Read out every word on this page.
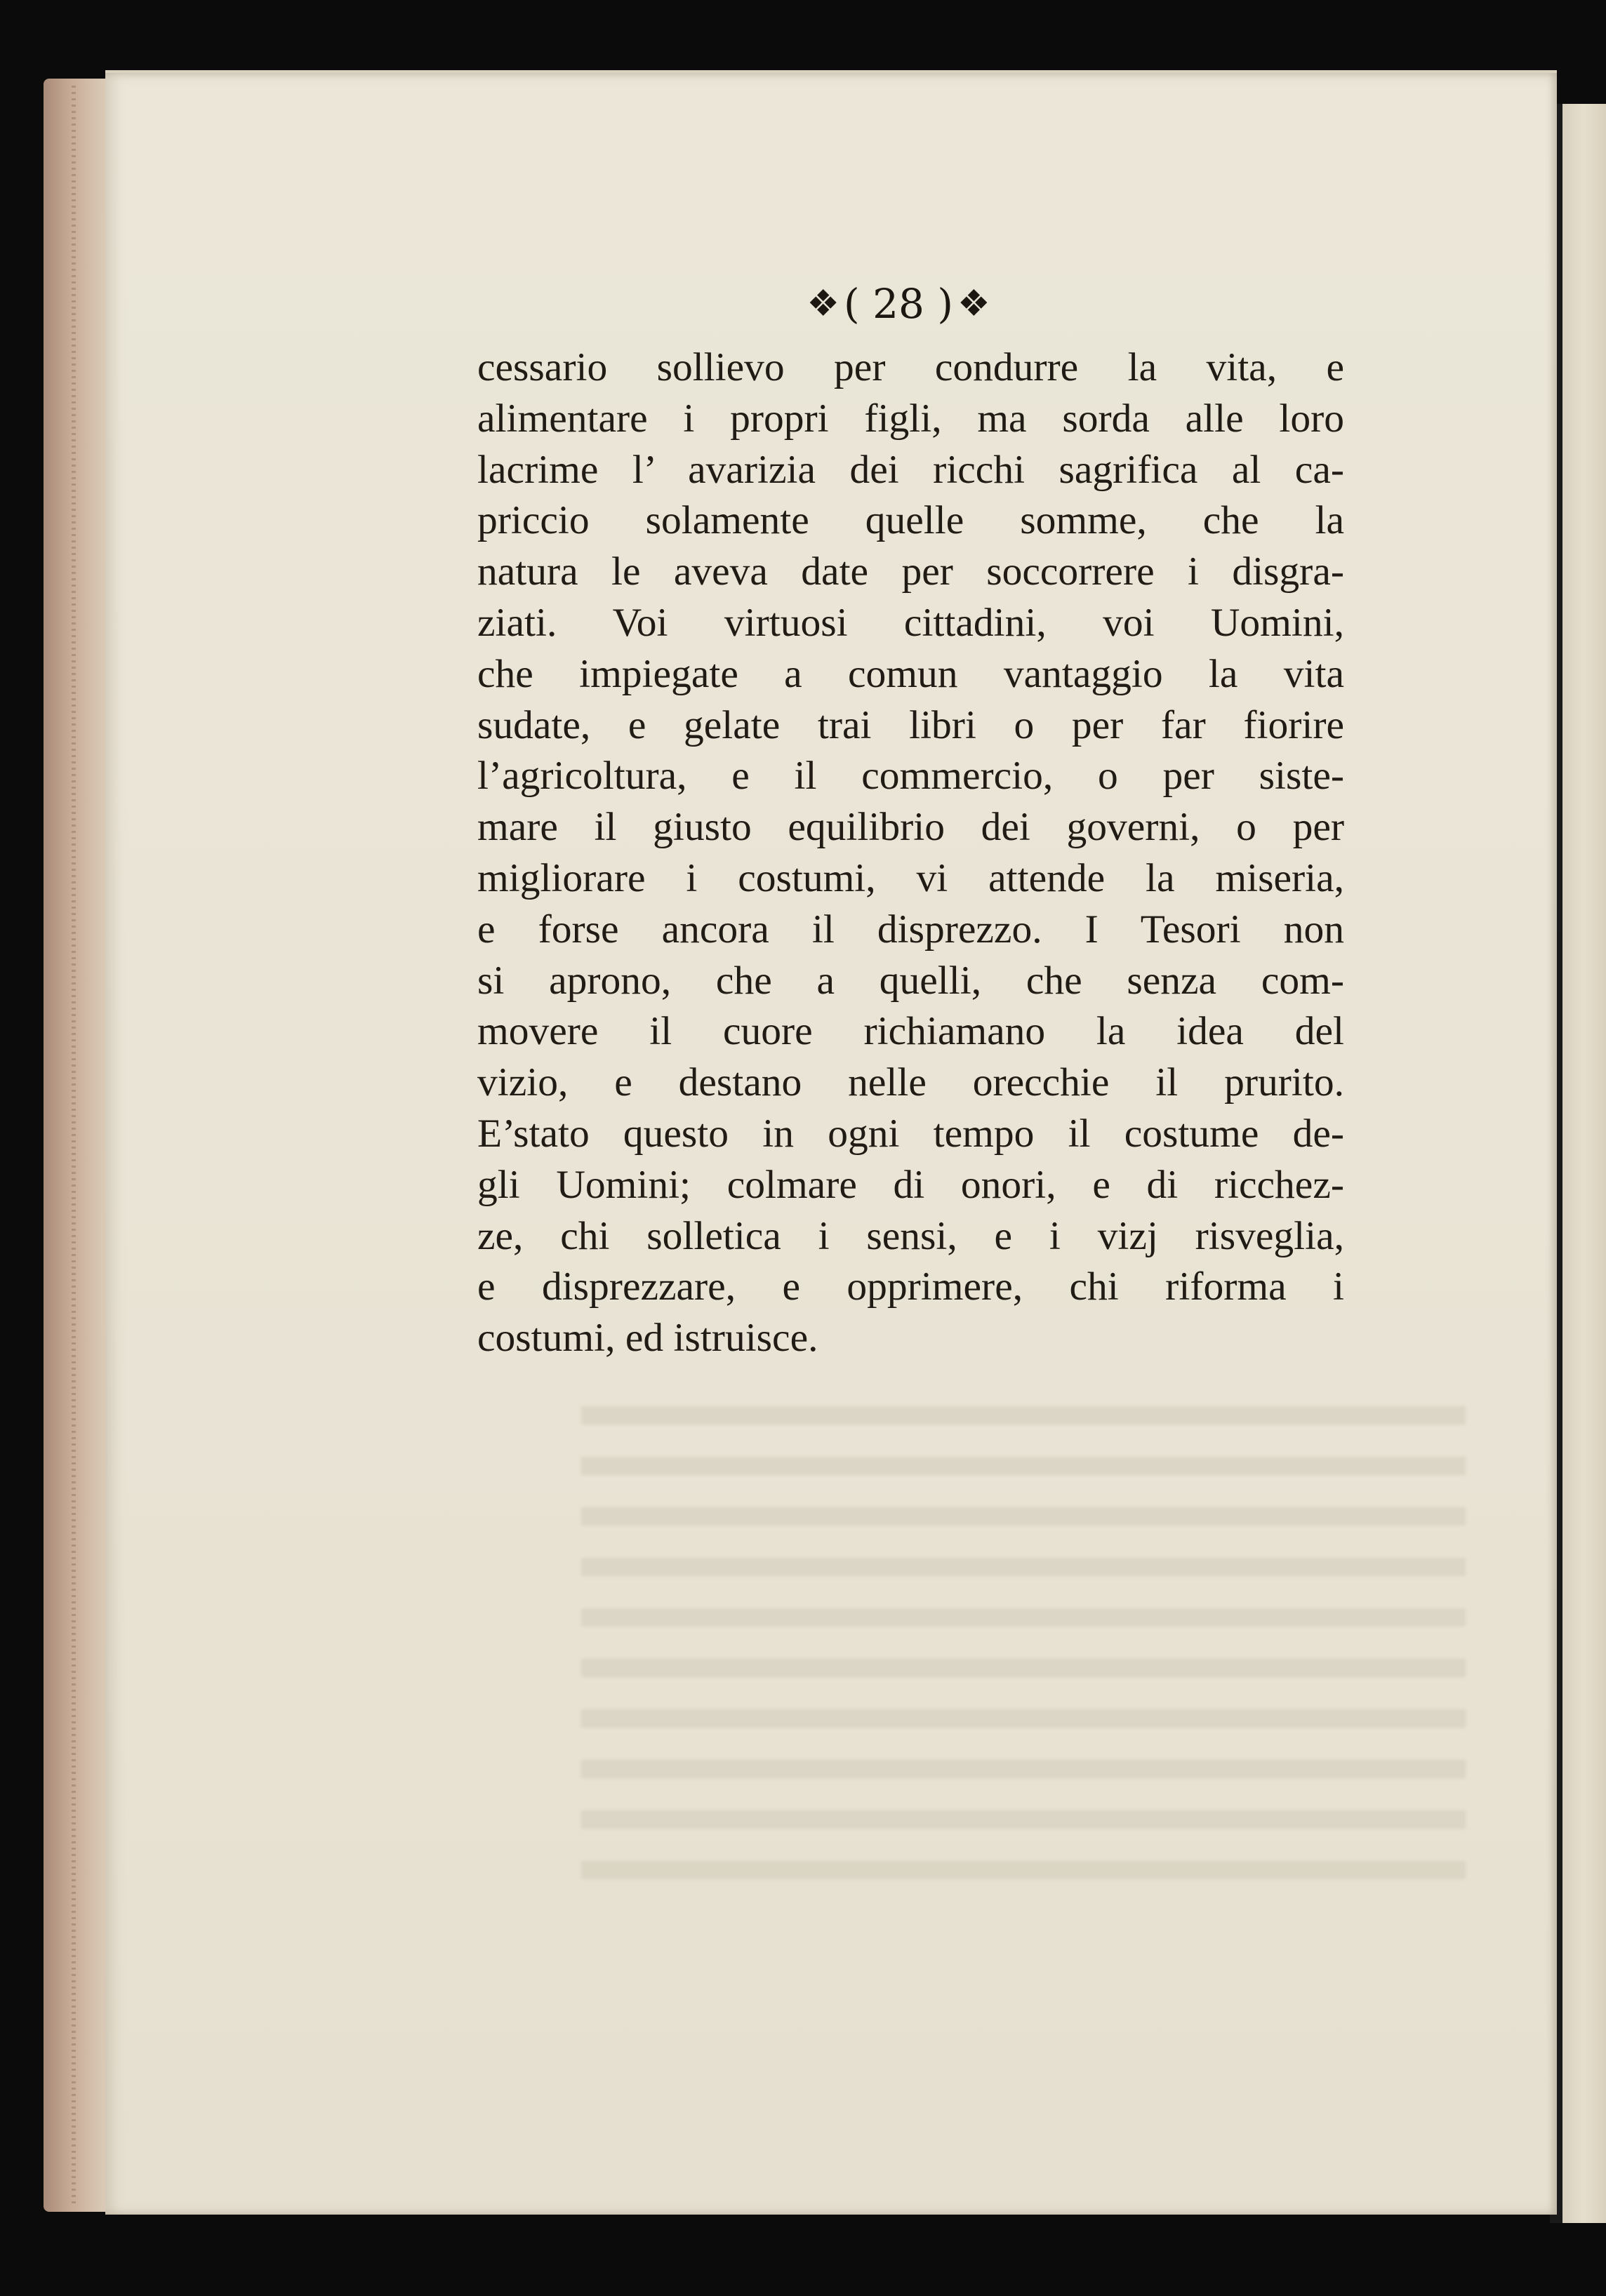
❖ ( 28 ) ❖
cessario sollievo per condurre la vita, e
alimentare i propri figli, ma sorda alle loro
lacrime l’ avarizia dei ricchi sagrifica al ca-
priccio solamente quelle somme, che la
natura le aveva date per soccorrere i disgra-
ziati. Voi virtuosi cittadini, voi Uomini,
che impiegate a comun vantaggio la vita
sudate, e gelate trai libri o per far fiorire
l’agricoltura, e il commercio, o per siste-
mare il giusto equilibrio dei governi, o per
migliorare i costumi, vi attende la miseria,
e forse ancora il disprezzo. I Tesori non
si aprono, che a quelli, che senza com-
movere il cuore richiamano la idea del
vizio, e destano nelle orecchie il prurito.
E’stato questo in ogni tempo il costume de-
gli Uomini; colmare di onori, e di ricchez-
ze, chi solletica i sensi, e i vizj risveglia,
e disprezzare, e opprimere, chi riforma i
costumi, ed istruisce.
